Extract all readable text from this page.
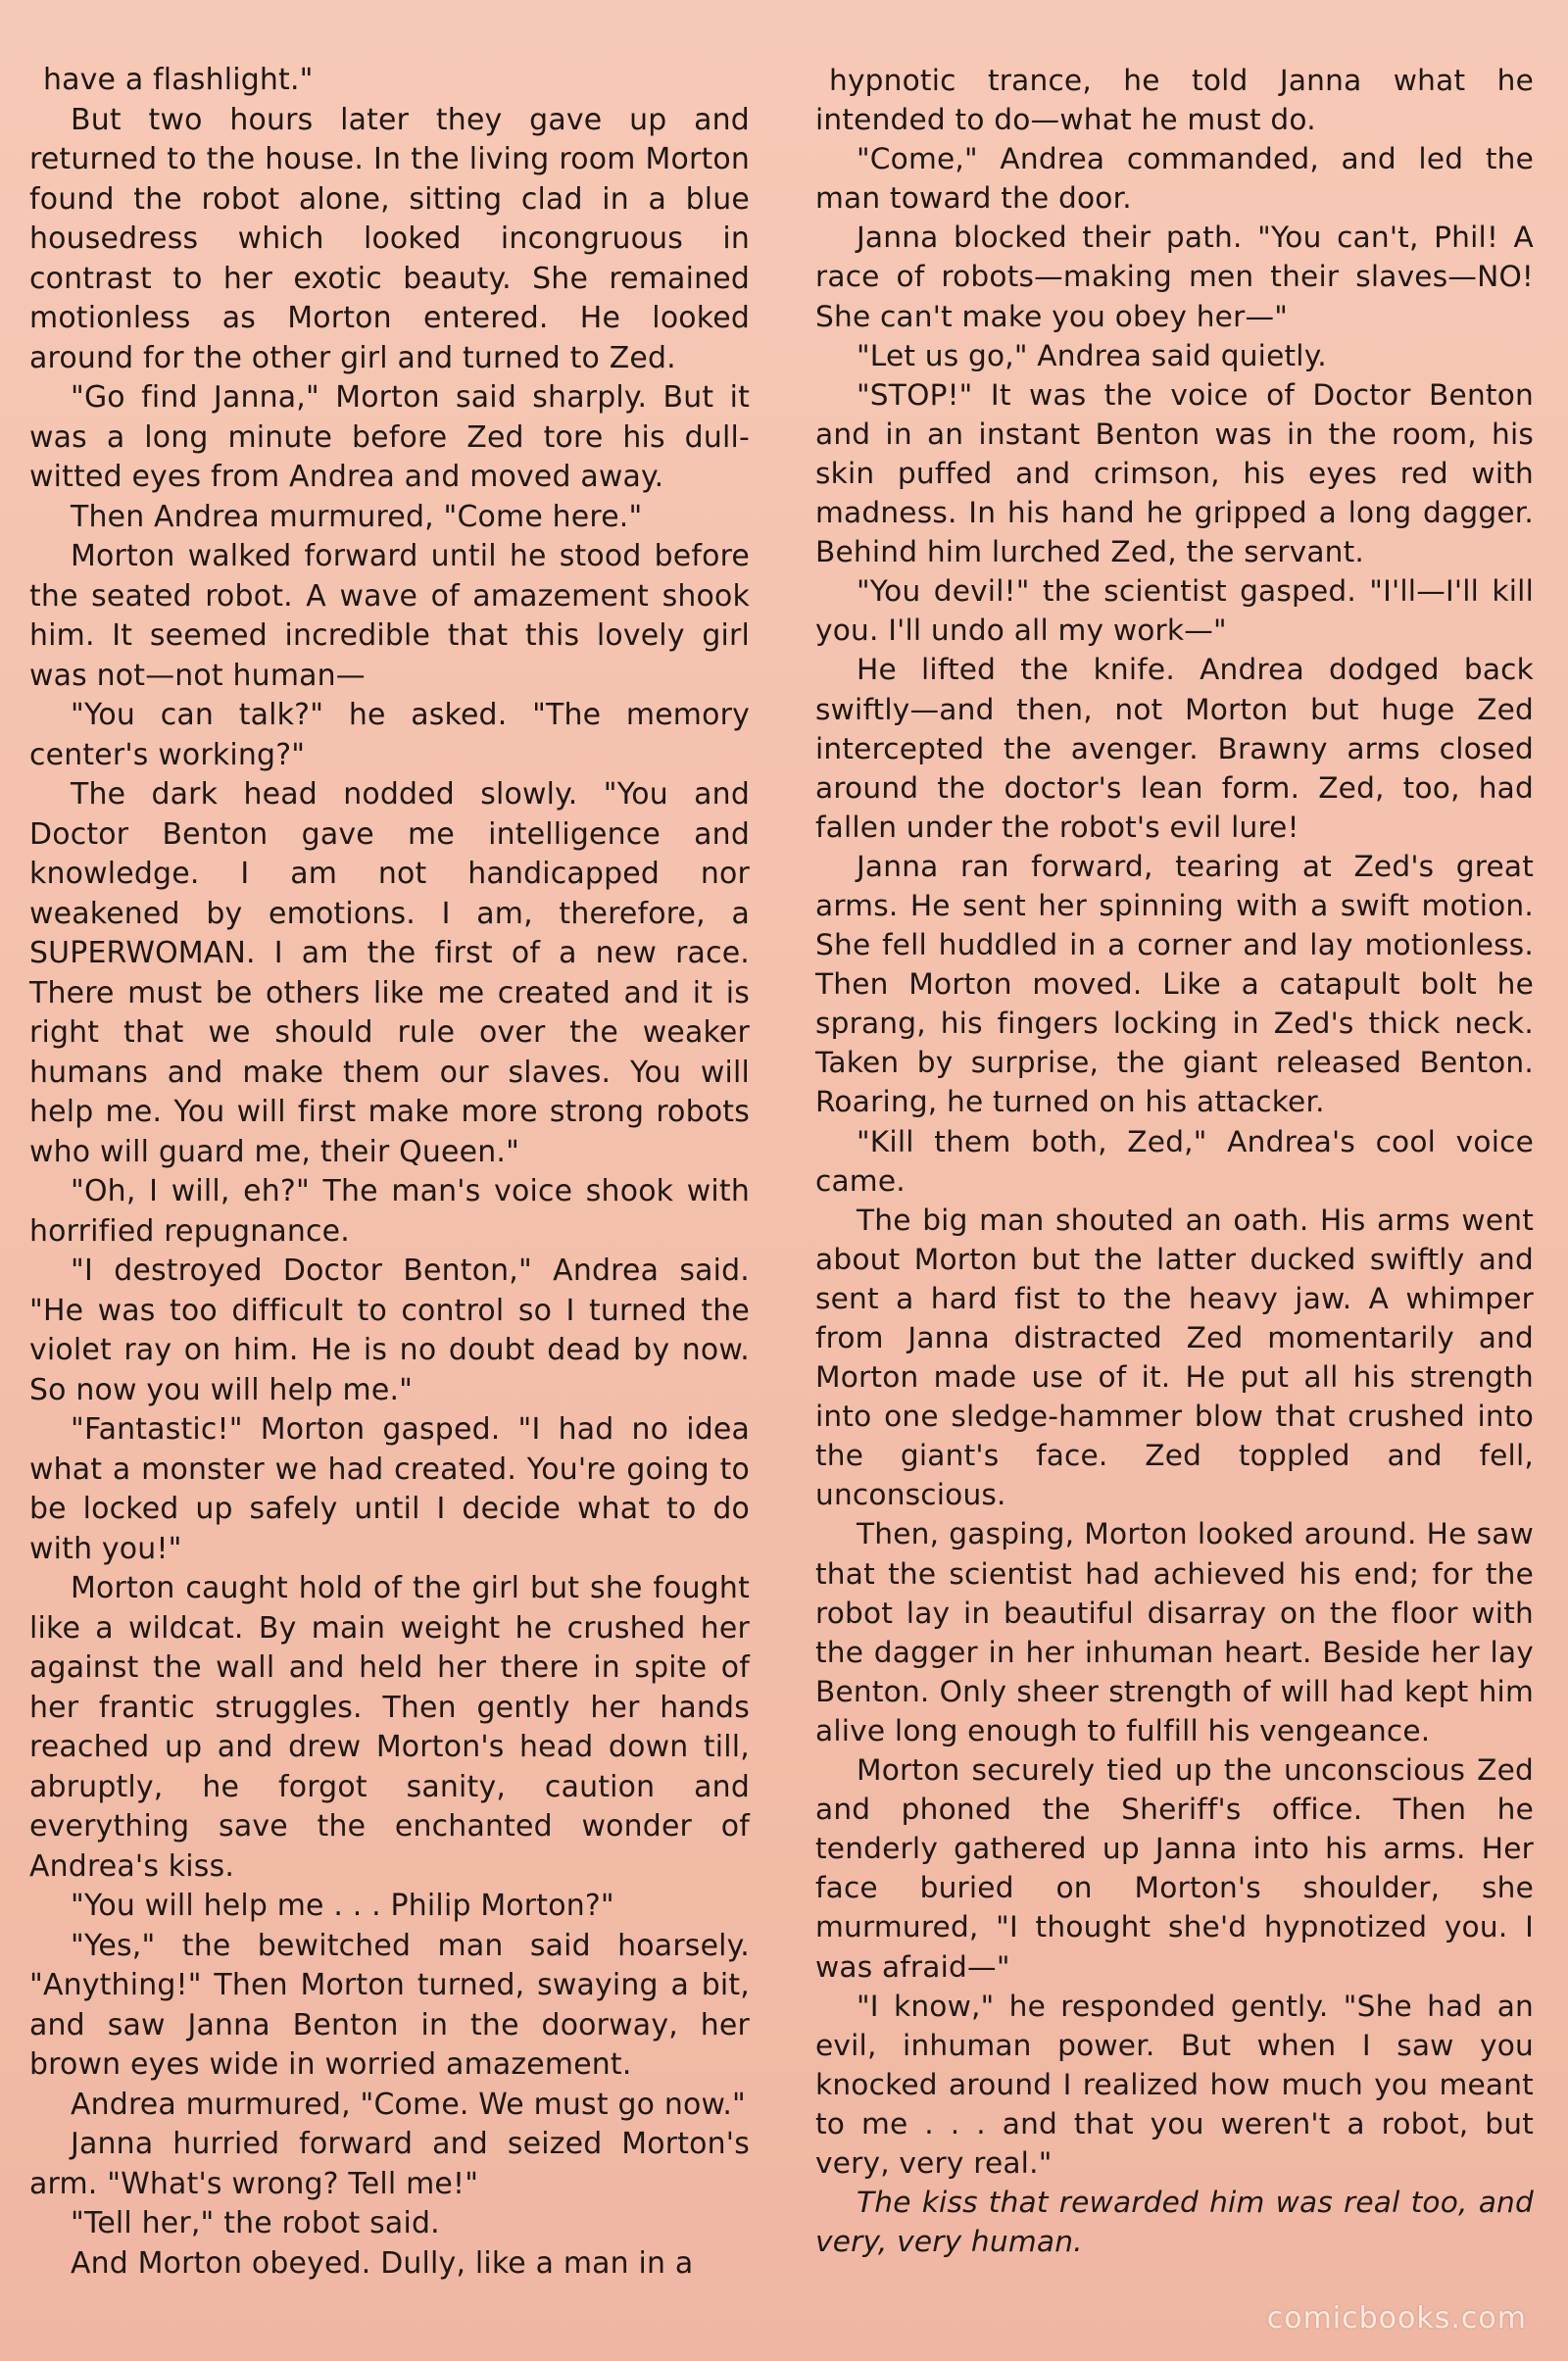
have a flashlight."

But two hours later they gave up and returned to the house. In the living room Morton found the robot alone, sitting clad in a blue housedress which looked incongruous in contrast to her exotic beauty. She remained motionless as Morton entered. He looked around for the other girl and turned to Zed.

"Go find Janna," Morton said sharply. But it was a long minute before Zed tore his dull-witted eyes from Andrea and moved away.

Then Andrea murmured, "Come here."

Morton walked forward until he stood before the seated robot. A wave of amazement shook him. It seemed incredible that this lovely girl was not—not human—

"You can talk?" he asked. "The memory center's working?"

The dark head nodded slowly. "You and Doctor Benton gave me intelligence and knowledge. I am not handicapped nor weakened by emotions. I am, therefore, a SUPERWOMAN. I am the first of a new race. There must be others like me created and it is right that we should rule over the weaker humans and make them our slaves. You will help me. You will first make more strong robots who will guard me, their Queen."

"Oh, I will, eh?" The man's voice shook with horrified repugnance.

"I destroyed Doctor Benton," Andrea said. "He was too difficult to control so I turned the violet ray on him. He is no doubt dead by now. So now you will help me."

"Fantastic!" Morton gasped. "I had no idea what a monster we had created. You're going to be locked up safely until I decide what to do with you!"

Morton caught hold of the girl but she fought like a wildcat. By main weight he crushed her against the wall and held her there in spite of her frantic struggles. Then gently her hands reached up and drew Morton's head down till, abruptly, he forgot sanity, caution and everything save the enchanted wonder of Andrea's kiss.

"You will help me . . . Philip Morton?"

"Yes," the bewitched man said hoarsely. "Anything!" Then Morton turned, swaying a bit, and saw Janna Benton in the doorway, her brown eyes wide in worried amazement.

Andrea murmured, "Come. We must go now."

Janna hurried forward and seized Morton's arm. "What's wrong? Tell me!"

"Tell her," the robot said.

And Morton obeyed. Dully, like a man in a

hypnotic trance, he told Janna what he intended to do—what he must do.

"Come," Andrea commanded, and led the man toward the door.

Janna blocked their path. "You can't, Phil! A race of robots—making men their slaves—NO! She can't make you obey her—"

"Let us go," Andrea said quietly.

"STOP!" It was the voice of Doctor Benton and in an instant Benton was in the room, his skin puffed and crimson, his eyes red with madness. In his hand he gripped a long dagger. Behind him lurched Zed, the servant.

"You devil!" the scientist gasped. "I'll—I'll kill you. I'll undo all my work—"

He lifted the knife. Andrea dodged back swiftly—and then, not Morton but huge Zed intercepted the avenger. Brawny arms closed around the doctor's lean form. Zed, too, had fallen under the robot's evil lure!

Janna ran forward, tearing at Zed's great arms. He sent her spinning with a swift motion. She fell huddled in a corner and lay motionless. Then Morton moved. Like a catapult bolt he sprang, his fingers locking in Zed's thick neck. Taken by surprise, the giant released Benton. Roaring, he turned on his attacker.

"Kill them both, Zed," Andrea's cool voice came.

The big man shouted an oath. His arms went about Morton but the latter ducked swiftly and sent a hard fist to the heavy jaw. A whimper from Janna distracted Zed momentarily and Morton made use of it. He put all his strength into one sledge-hammer blow that crushed into the giant's face. Zed toppled and fell, unconscious.

Then, gasping, Morton looked around. He saw that the scientist had achieved his end; for the robot lay in beautiful disarray on the floor with the dagger in her inhuman heart. Beside her lay Benton. Only sheer strength of will had kept him alive long enough to fulfill his vengeance.

Morton securely tied up the unconscious Zed and phoned the Sheriff's office. Then he tenderly gathered up Janna into his arms. Her face buried on Morton's shoulder, she murmured, "I thought she'd hypnotized you. I was afraid—"

"I know," he responded gently. "She had an evil, inhuman power. But when I saw you knocked around I realized how much you meant to me . . . and that you weren't a robot, but very, very real."

The kiss that rewarded him was real too, and very, very human.

comicbooks.com
